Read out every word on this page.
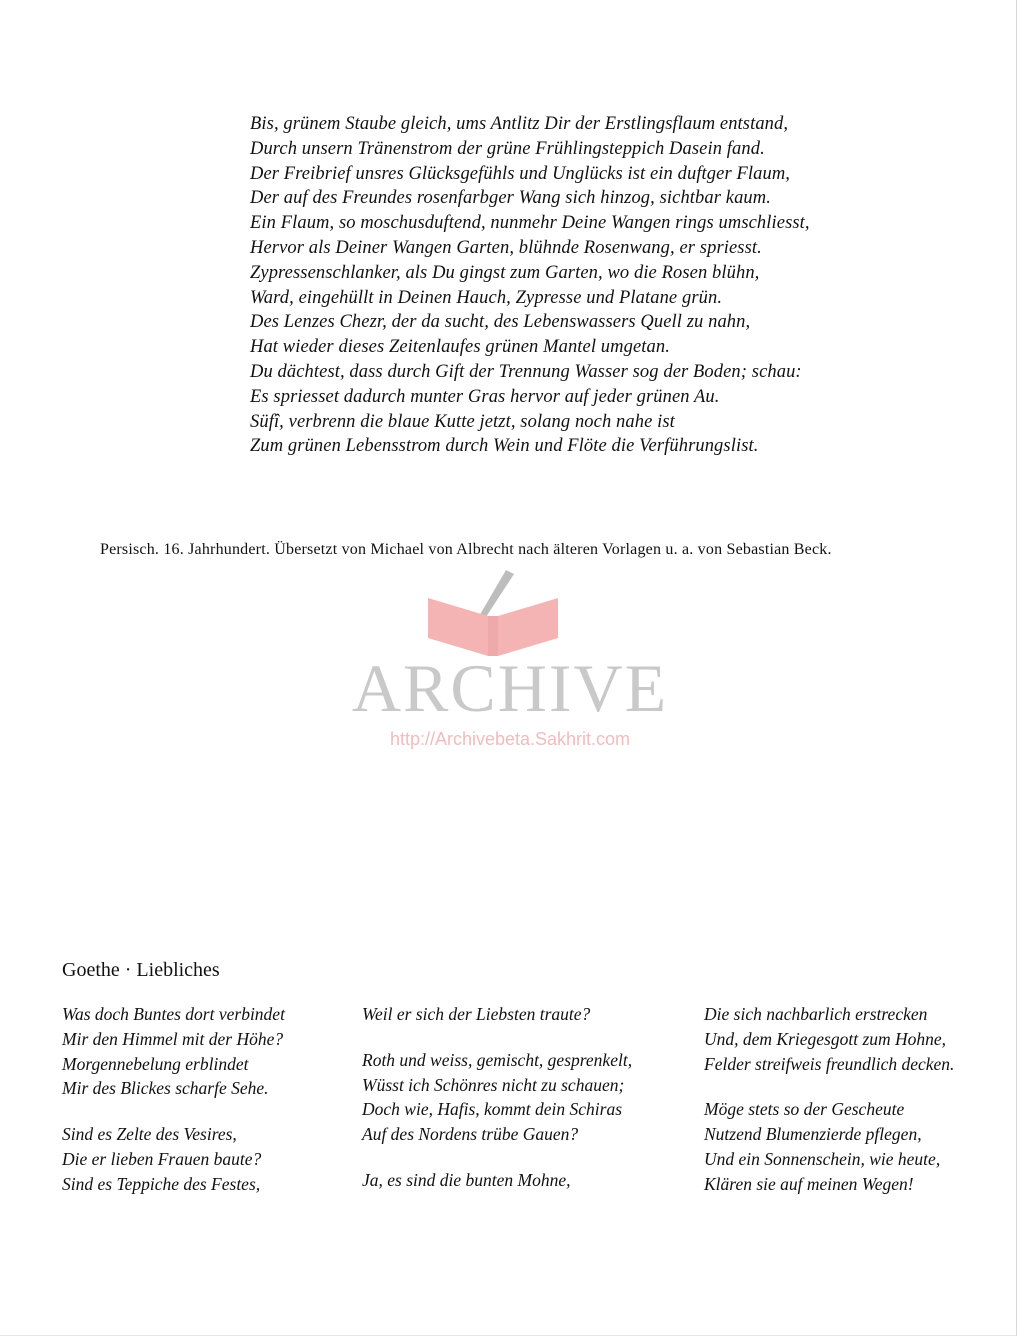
Bis, grünem Staube gleich, ums Antlitz Dir der Erstlingsflaum entstand,
Durch unsern Tränenstrom der grüne Frühlingsteppich Dasein fand.
Der Freibrief unsres Glücksgefühls und Unglücks ist ein duftger Flaum,
Der auf des Freundes rosenfarbger Wang sich hinzog, sichtbar kaum.
Ein Flaum, so moschusduftend, nunmehr Deine Wangen rings umschliesst,
Hervor als Deiner Wangen Garten, blühnde Rosenwang, er spriesst.
Zypressenschlanker, als Du gingst zum Garten, wo die Rosen blühn,
Ward, eingehüllt in Deinen Hauch, Zypresse und Platane grün.
Des Lenzes Chezr, der da sucht, des Lebenswassers Quell zu nahn,
Hat wieder dieses Zeitenlaufes grünen Mantel umgetan.
Du dächtest, dass durch Gift der Trennung Wasser sog der Boden; schau:
Es spriesset dadurch munter Gras hervor auf jeder grünen Au.
Süfî, verbrenn die blaue Kutte jetzt, solang noch nahe ist
Zum grünen Lebensstrom durch Wein und Flöte die Verführungslist.
Persisch. 16. Jahrhundert. Übersetzt von Michael von Albrecht nach älteren Vorlagen u. a. von Sebastian Beck.
ARCHIVE
http://Archivebeta.Sakhrit.com
Goethe · Liebliches
Was doch Buntes dort verbindet
Mir den Himmel mit der Höhe?
Morgennebelung erblindet
Mir des Blickes scharfe Sehe.
Sind es Zelte des Vesires,
Die er lieben Frauen baute?
Sind es Teppiche des Festes,
Weil er sich der Liebsten traute?
Roth und weiss, gemischt, gesprenkelt,
Wüsst ich Schönres nicht zu schauen;
Doch wie, Hafis, kommt dein Schiras
Auf des Nordens trübe Gauen?
Ja, es sind die bunten Mohne,
Die sich nachbarlich erstrecken
Und, dem Kriegesgott zum Hohne,
Felder streifweis freundlich decken.
Möge stets so der Gescheute
Nutzend Blumenzierde pflegen,
Und ein Sonnenschein, wie heute,
Klären sie auf meinen Wegen!
